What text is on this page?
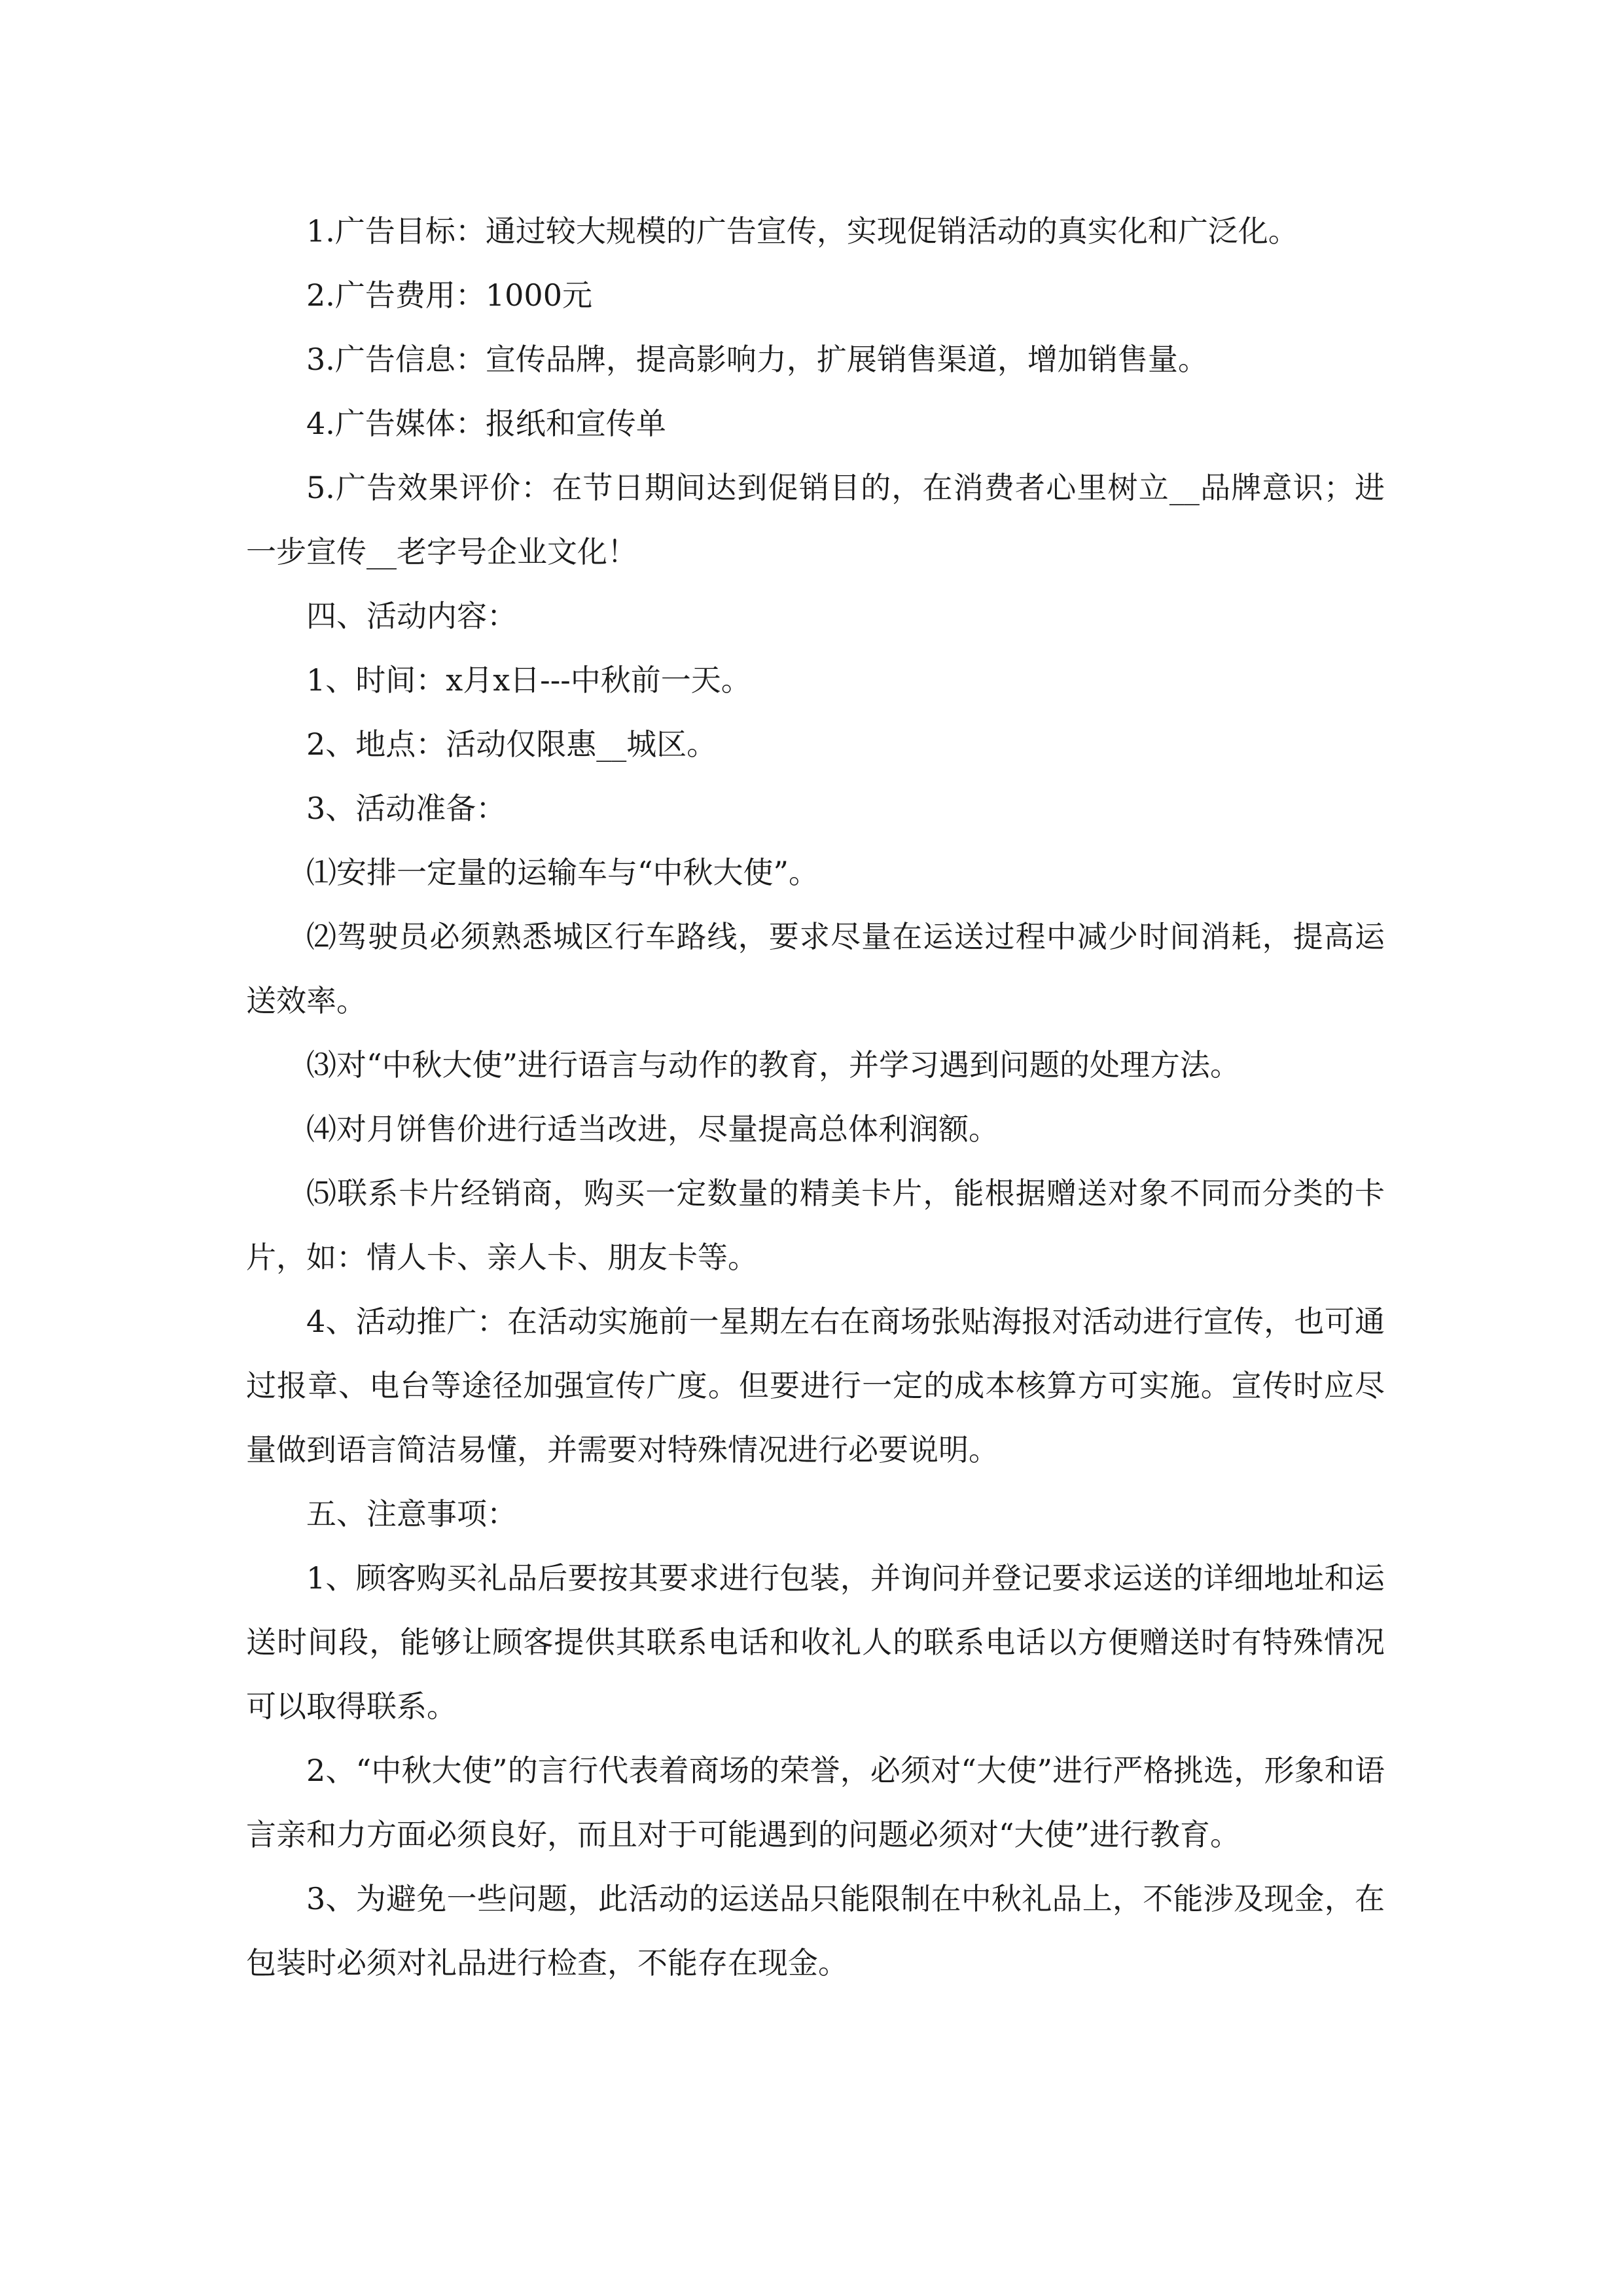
1.广告目标：通过较大规模的广告宣传，实现促销活动的真实化和广泛化。

2.广告费用：1000元

3.广告信息：宣传品牌，提高影响力，扩展销售渠道，增加销售量。

4.广告媒体：报纸和宣传单

5.广告效果评价：在节日期间达到促销目的，在消费者心里树立__品牌意识；进一步宣传__老字号企业文化！

四、活动内容：

1、时间：x月x日---中秋前一天。

2、地点：活动仅限惠__城区。

3、活动准备：

⑴安排一定量的运输车与“中秋大使”。

⑵驾驶员必须熟悉城区行车路线，要求尽量在运送过程中减少时间消耗，提高运送效率。

⑶对“中秋大使”进行语言与动作的教育，并学习遇到问题的处理方法。

⑷对月饼售价进行适当改进，尽量提高总体利润额。

⑸联系卡片经销商，购买一定数量的精美卡片，能根据赠送对象不同而分类的卡片，如：情人卡、亲人卡、朋友卡等。

4、活动推广：在活动实施前一星期左右在商场张贴海报对活动进行宣传，也可通过报章、电台等途径加强宣传广度。但要进行一定的成本核算方可实施。宣传时应尽量做到语言简洁易懂，并需要对特殊情况进行必要说明。

五、注意事项：

1、顾客购买礼品后要按其要求进行包装，并询问并登记要求运送的详细地址和运送时间段，能够让顾客提供其联系电话和收礼人的联系电话以方便赠送时有特殊情况可以取得联系。

2、“中秋大使”的言行代表着商场的荣誉，必须对“大使”进行严格挑选，形象和语言亲和力方面必须良好，而且对于可能遇到的问题必须对“大使”进行教育。

3、为避免一些问题，此活动的运送品只能限制在中秋礼品上，不能涉及现金，在包装时必须对礼品进行检查，不能存在现金。
